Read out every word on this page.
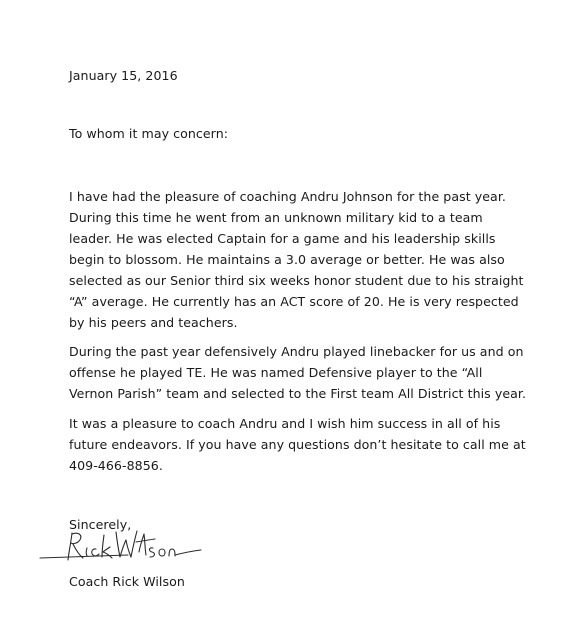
January 15, 2016
To whom it may concern:
I have had the pleasure of coaching Andru Johnson for the past year.
During this time he went from an unknown military kid to a team
leader. He was elected Captain for a game and his leadership skills
begin to blossom. He maintains a 3.0 average or better. He was also
selected as our Senior third six weeks honor student due to his straight
“A” average. He currently has an ACT score of 20. He is very respected
by his peers and teachers.
During the past year defensively Andru played linebacker for us and on
offense he played TE. He was named Defensive player to the “All
Vernon Parish” team and selected to the First team All District this year.
It was a pleasure to coach Andru and I wish him success in all of his
future endeavors. If you have any questions don’t hesitate to call me at
409-466-8856.
Sincerely,
Coach Rick Wilson
